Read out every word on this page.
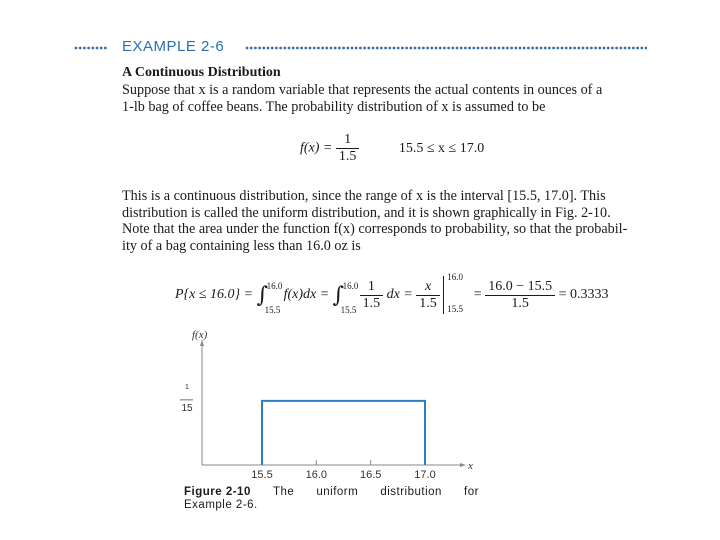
EXAMPLE 2-6
A Continuous Distribution
Suppose that x is a random variable that represents the actual contents in ounces of a
1-lb bag of coffee beans. The probability distribution of x is assumed to be
$f(x) = \frac{1}{1.5}$	15.5 ≤ x ≤ 17.0
This is a continuous distribution, since the range of x is the interval [15.5, 17.0]. This
distribution is called the uniform distribution, and it is shown graphically in Fig. 2-10.
Note that the area under the function f(x) corresponds to probability, so that the probabil-
ity of a bag containing less than 16.0 oz is
P{x ≤ 16.0} = ∫
16.0
15.5
f(x)dx = ∫
16.0
15.5
$\frac{1}{1.5}$ dx = $\frac{x}{1.5}$

16.0
15.5
= $\frac{16.0 - 15.5}{1.5} = 0.3333$
f(x)
x
1
15
15.5	16.0	16.5	17.0
Figure 2-10 The uniform distribution for
Example 2-6.
